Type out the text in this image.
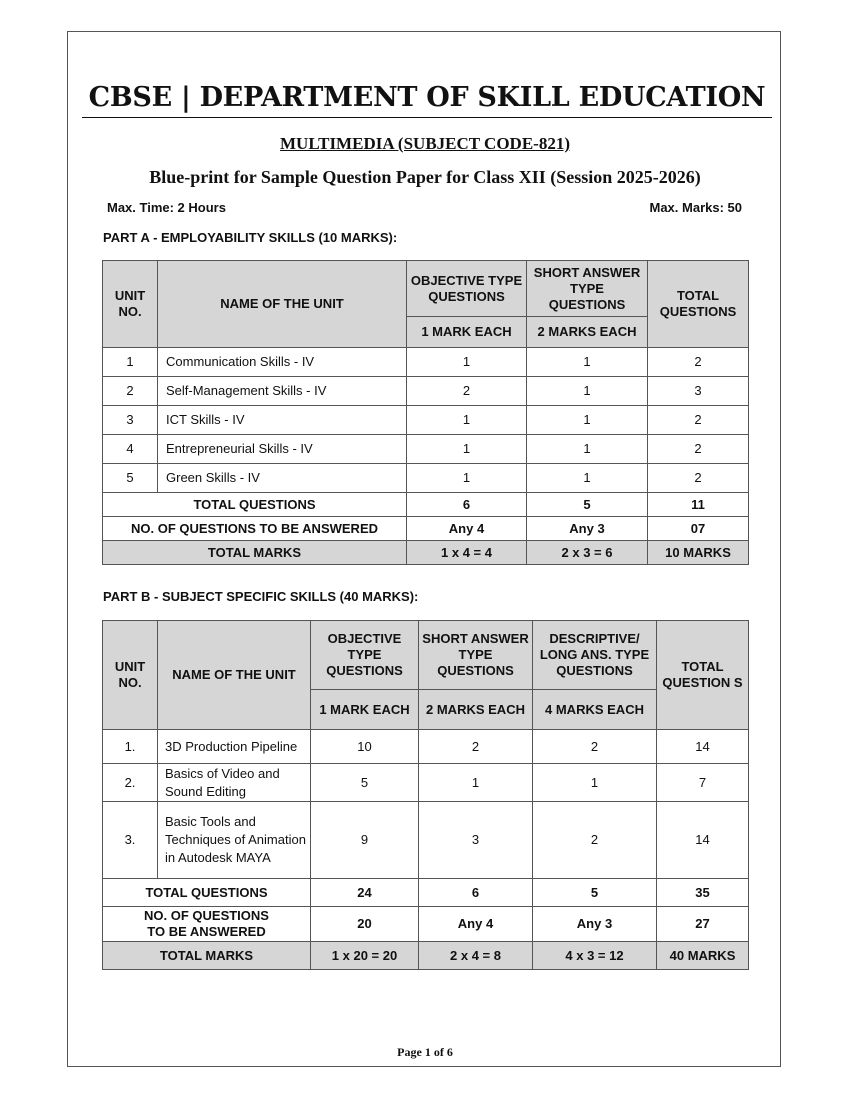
CBSE | DEPARTMENT OF SKILL EDUCATION
MULTIMEDIA (SUBJECT CODE-821)
Blue-print for Sample Question Paper for Class XII (Session 2025-2026)
Max. Time: 2 Hours	Max. Marks: 50
PART A - EMPLOYABILITY SKILLS (10 MARKS):
UNIT NO.	NAME OF THE UNIT	OBJECTIVE TYPE QUESTIONS	SHORT ANSWER TYPE QUESTIONS	TOTAL QUESTIONS
		1 MARK EACH	2 MARKS EACH	
1	Communication Skills - IV	1	1	2
2	Self-Management Skills - IV	2	1	3
3	ICT Skills - IV	1	1	2
4	Entrepreneurial Skills - IV	1	1	2
5	Green Skills - IV	1	1	2
TOTAL QUESTIONS		6	5	11
NO. OF QUESTIONS TO BE ANSWERED		Any 4	Any 3	07
TOTAL MARKS		1 x 4 = 4	2 x 3 = 6	10 MARKS
PART B - SUBJECT SPECIFIC SKILLS (40 MARKS):
UNIT NO.	NAME OF THE UNIT	OBJECTIVE TYPE QUESTIONS	SHORT ANSWER TYPE QUESTIONS	DESCRIPTIVE/ LONG ANS. TYPE QUESTIONS	TOTAL QUESTION S
		1 MARK EACH	2 MARKS EACH	4 MARKS EACH	
1.	3D Production Pipeline	10	2	2	14
2.	Basics of Video and Sound Editing	5	1	1	7
3.	Basic Tools and Techniques of Animation in Autodesk MAYA	9	3	2	14
TOTAL QUESTIONS		24	6	5	35
NO. OF QUESTIONS TO BE ANSWERED		20	Any 4	Any 3	27
TOTAL MARKS		1 x 20 = 20	2 x 4 = 8	4 x 3 = 12	40 MARKS
Page 1 of 6
